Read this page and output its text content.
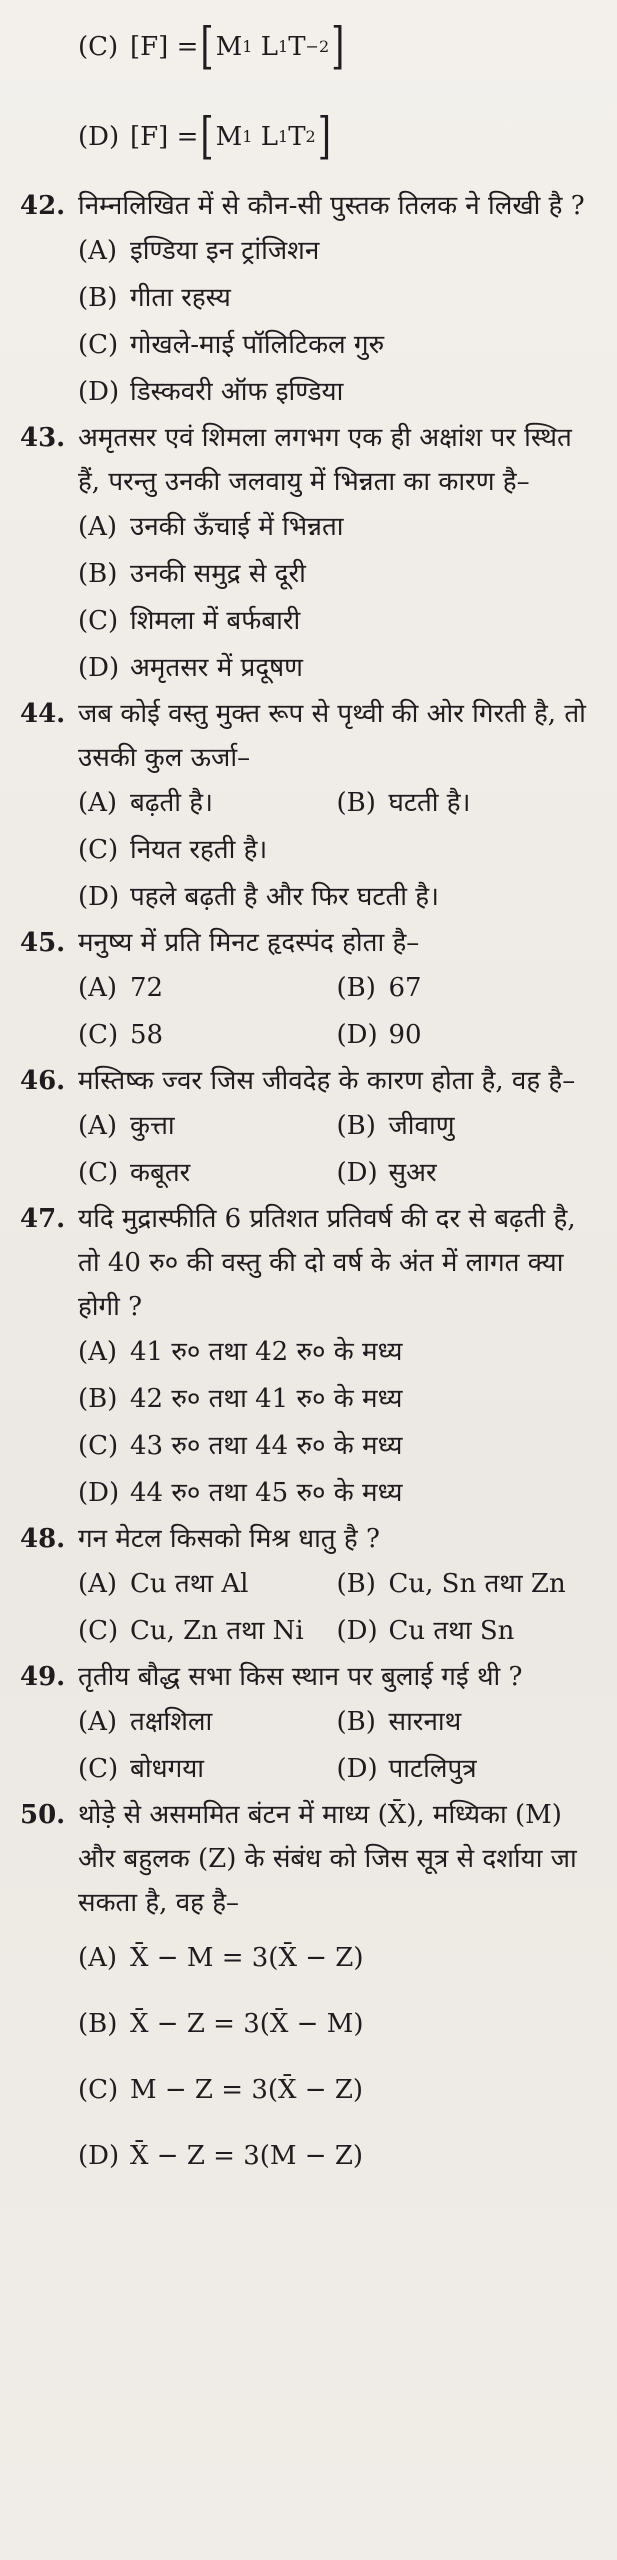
(C) [F] = [ M 1
L 1 T −2 ]
(D) [F] = [ M 1
L 1 T 2 ]
42. निम्नलिखित में से कौन-सी पुस्तक तिलक ने लिखी है ?

(A) इण्डिया इन ट्रांजिशन
(B) गीता रहस्य
(C) गोखले-माई पॉलिटिकल गुरु
(D) डिस्कवरी ऑफ इण्डिया
43. अमृतसर एवं शिमला लगभग एक ही अक्षांश पर स्थित हैं, परन्तु उनकी जलवायु में भिन्नता का कारण है–

(A) उनकी ऊँचाई में भिन्नता
(B) उनकी समुद्र से दूरी
(C) शिमला में बर्फबारी
(D) अमृतसर में प्रदूषण
44. जब कोई वस्तु मुक्त रूप से पृथ्वी की ओर गिरती है, तो उसकी कुल ऊर्जा–

(A) बढ़ती है।	(B) घटती है।
(C) नियत रहती है।
(D) पहले बढ़ती है और फिर घटती है।
45. मनुष्य में प्रति मिनट हृदस्पंद होता है–

(A) 72	(B) 67
(C) 58	(D) 90
46. मस्तिष्क ज्वर जिस जीवदेह के कारण होता है, वह है–

(A) कुत्ता	(B) जीवाणु
(C) कबूतर	(D) सुअर
47. यदि मुद्रास्फीति 6 प्रतिशत प्रतिवर्ष की दर से बढ़ती है, तो 40 रु० की वस्तु की दो वर्ष के अंत में लागत क्या होगी ?

(A) 41 रु० तथा 42 रु० के मध्य
(B) 42 रु० तथा 41 रु० के मध्य
(C) 43 रु० तथा 44 रु० के मध्य
(D) 44 रु० तथा 45 रु० के मध्य
48. गन मेटल किसको मिश्र धातु है ?

(A) Cu तथा Al	(B) Cu, Sn तथा Zn
(C) Cu, Zn तथा Ni (D) Cu तथा Sn
49. तृतीय बौद्ध सभा किस स्थान पर बुलाई गई थी ?

(A) तक्षशिला	(B) सारनाथ
(C) बोधगया	(D) पाटलिपुत्र
50. थोड़े से असममित बंटन में माध्य (X̄), मध्यिका (M) और बहुलक (Z) के संबंध को जिस सूत्र से दर्शाया जा सकता है, वह है–

(A) X̄ − M = 3(X̄ − Z)
(B) X̄ − Z = 3(X̄ − M)
(C) M − Z = 3(X̄ − Z)
(D) X̄ − Z = 3(M − Z)
